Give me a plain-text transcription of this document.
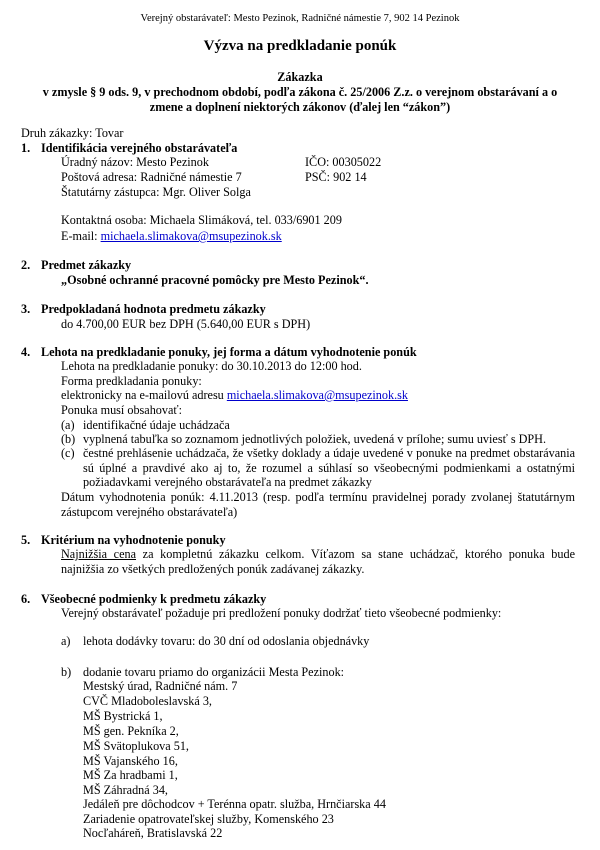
Verejný obstarávateľ: Mesto Pezinok, Radničné námestie 7, 902 14 Pezinok
Výzva na predkladanie ponúk
Zákazka
v zmysle § 9 ods. 9, v prechodnom období, podľa zákona č. 25/2006 Z.z. o verejnom obstarávaní a o
zmene a doplnení niektorých zákonov (ďalej len “zákon”)
Druh zákazky: Tovar
1. Identifikácia verejného obstarávateľa
Úradný názov: Mesto Pezinok	IČO: 00305022
Poštová adresa: Radničné námestie 7	PSČ: 902 14
Štatutárny zástupca: Mgr. Oliver Solga
Kontaktná osoba: Michaela Slimáková, tel. 033/6901 209
E-mail: michaela.slimakova@msupezinok.sk
2. Predmet zákazky
„Osobné ochranné pracovné pomôcky pre Mesto Pezinok“.
3. Predpokladaná hodnota predmetu zákazky
do 4.700,00 EUR bez DPH (5.640,00 EUR s DPH)
4. Lehota na predkladanie ponuky, jej forma a dátum vyhodnotenie ponúk
Lehota na predkladanie ponuky: do 30.10.2013 do 12:00 hod.
Forma predkladania ponuky:
elektronicky na e-mailovú adresu michaela.slimakova@msupezinok.sk
Ponuka musí obsahovať:
(a) identifikačné údaje uchádzača
(b) vyplnená tabuľka so zoznamom jednotlivých položiek, uvedená v prílohe; sumu uviesť s DPH.
(c) čestné prehlásenie uchádzača, že všetky doklady a údaje uvedené v ponuke na predmet obstarávania sú úplné a pravdivé ako aj to, že rozumel a súhlasí so všeobecnými podmienkami a ostatnými požiadavkami verejného obstarávateľa na predmet zákazky
Dátum vyhodnotenia ponúk: 4.11.2013 (resp. podľa termínu pravidelnej porady zvolanej štatutárnym zástupcom verejného obstarávateľa)
5. Kritérium na vyhodnotenie ponuky
Najnižšia cena za kompletnú zákazku celkom. Víťazom sa stane uchádzač, ktorého ponuka bude najnižšia zo všetkých predložených ponúk zadávanej zákazky.
6. Všeobecné podmienky k predmetu zákazky
Verejný obstarávateľ požaduje pri predložení ponuky dodržať tieto všeobecné podmienky:
a) lehota dodávky tovaru: do 30 dní od odoslania objednávky
b) dodanie tovaru priamo do organizácii Mesta Pezinok:
Mestský úrad, Radničné nám. 7
CVČ Mladoboleslavská 3,
MŠ Bystrická 1,
MŠ gen. Pekníka 2,
MŠ Svätoplukova 51,
MŠ Vajanského 16,
MŠ Za hradbami 1,
MŠ Záhradná 34,
Jedáleň pre dôchodcov + Terénna opatr. služba, Hrnčiarska 44
Zariadenie opatrovateľskej služby, Komenského 23
Nocľaháreň, Bratislavská 22
